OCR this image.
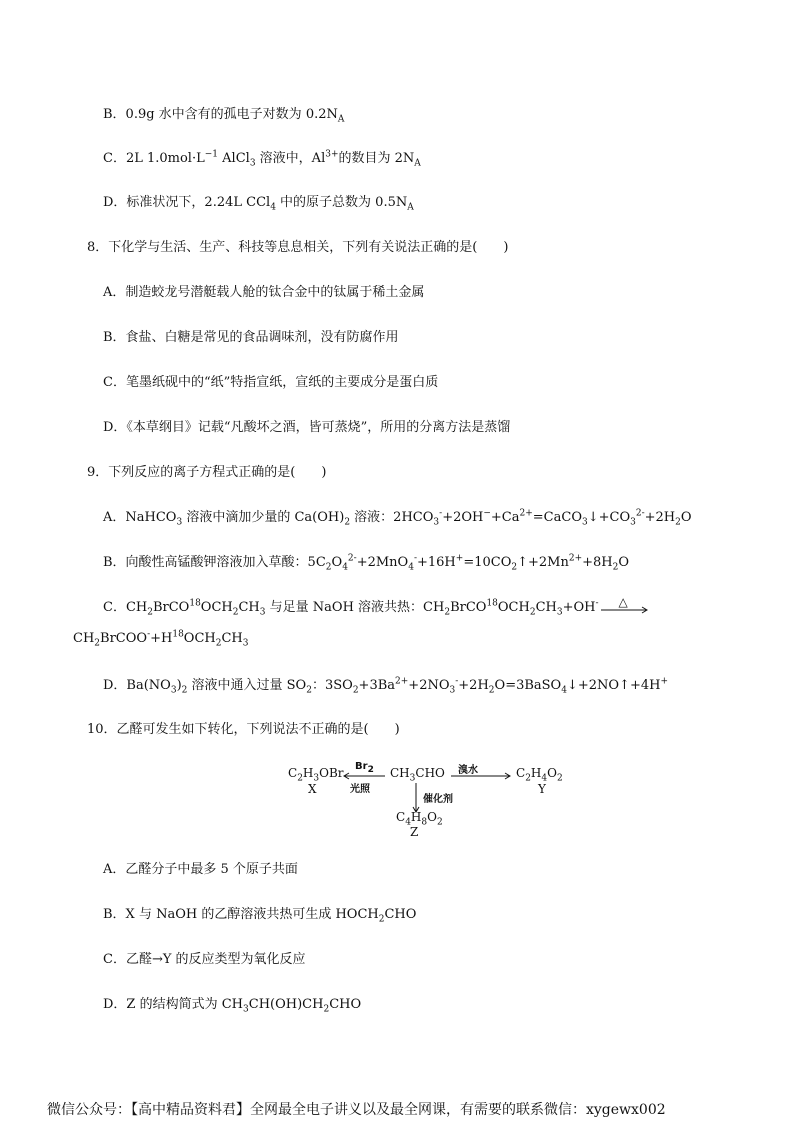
B．0.9g 水中含有的孤电子对数为 $0.2N_A$
C．2L $1.0mol\cdot L^{-1}$ AlCl$_3$ 溶液中，$Al^{3+}$的数目为 $2N_A$
D．标准状况下，2.24L CCl$_4$ 中的原子总数为 $0.5N_A$
8．下化学与生活、生产、科技等息息相关，下列有关说法正确的是(　　)
A．制造蛟龙号潜艇载人舱的钛合金中的钛属于稀土金属
B．食盐、白糖是常见的食品调味剂，没有防腐作用
C．笔墨纸砚中的“纸”特指宣纸，宣纸的主要成分是蛋白质
D．《本草纲目》记载“凡酸坏之酒，皆可蒸烧”，所用的分离方法是蒸馏
9．下列反应的离子方程式正确的是(　　)
A．NaHCO$_3$ 溶液中滴加少量的 $Ca(OH)_2$ 溶液：$2HCO_3^-+2OH^-+Ca^{2+}=CaCO_3↓+CO_3^{2-}+2H_2O$
B．向酸性高锰酸钾溶液加入草酸：$5C_2O_4^{2-}+2MnO_4^-+16H^+=10CO_2↑+2Mn^{2+}+8H_2O$
C．$CH_2BrCO^{18}OCH_2CH_3$ 与足量 NaOH 溶液共热：$CH_2BrCO^{18}OCH_2CH_3+OH^-$ △
$CH_2BrCOO^-+H^{18}OCH_2CH_3$
D．$Ba(NO_3)_2$ 溶液中通入过量 $SO_2$：$3SO_2+3Ba^{2+}+2NO_3^-+2H_2O=3BaSO_4↓+2NO↑+4H^+$
10．乙醛可发生如下转化，下列说法不正确的是(　　)
$C_2H_3OBr$
X
$Br_2$
光照
$CH_3CHO$ 溴水	$C_2H_4O_2$
Y
催化剂
$C_4H_8O_2$
Z
A．乙醛分子中最多 5 个原子共面
B．X 与 NaOH 的乙醇溶液共热可生成 $HOCH_2CHO$
C．乙醛→Y 的反应类型为氧化反应
D．Z 的结构简式为 $CH_3CH(OH)CH_2CHO$
微信公众号：【高中精品资料君】全网最全电子讲义以及最全网课，有需要的联系微信：xygewx002
